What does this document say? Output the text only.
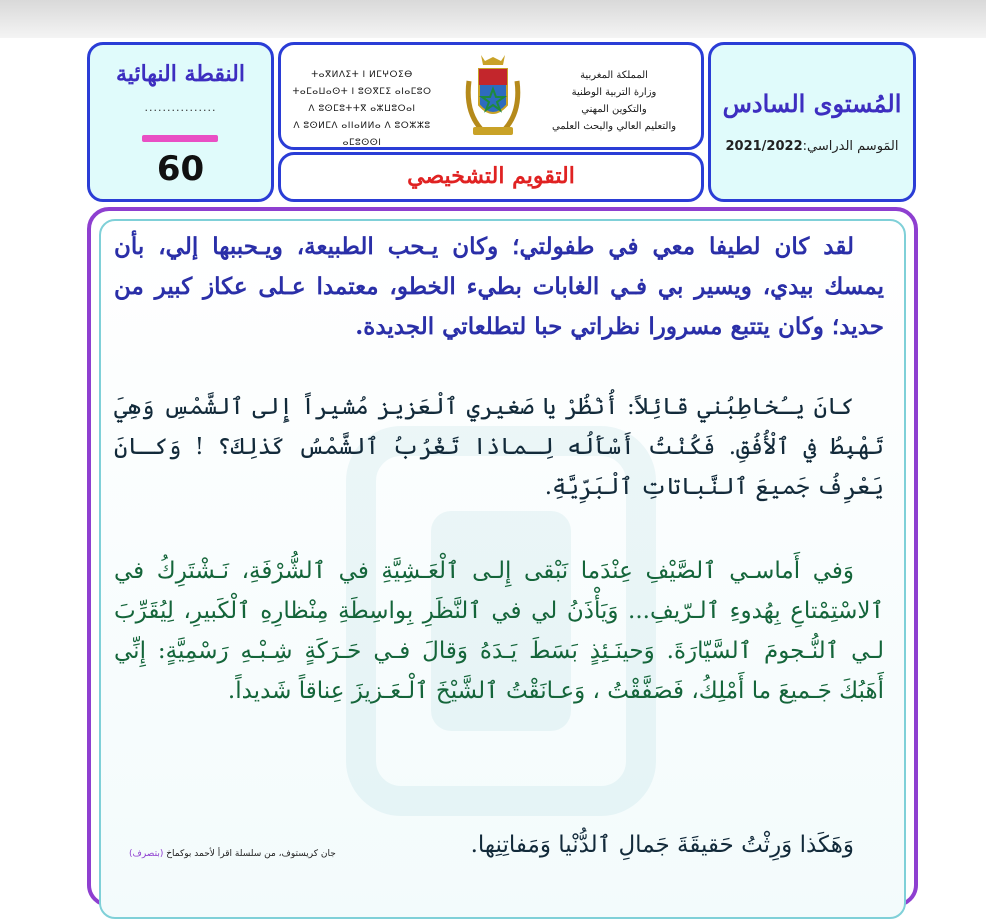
النقطة النهائية
................
60
ⵜⴰⴳⵍⴷⵉⵜ ⵏ ⵍⵎⵖⵔⵉⴱ
ⵜⴰⵎⴰⵡⴰⵙⵜ ⵏ ⵓⵙⴳⵎⵉ ⴰⵏⴰⵎⵓⵔ
ⴷ ⵓⵙⵎⵓⵜⵜⴳ ⴰⵣⵡⵓⵔⴰⵏ
ⴷ ⵓⵙⵍⵎⴷ ⴰⵏⵏⴰⵍⵍⴰ ⴷ ⵓⵔⵣⵣⵓ ⴰⵎⵓⵙⵙⵏ
المملكة المغربية
وزارة التربية الوطنية
والتكوين المهني
والتعليم العالي والبحث العلمي
التقويم التشخيصي
المُستوى السادس
المَوسم الدراسي:2021/2022
لقد كان لطيفا معي في طفولتي؛ وكان يـحب الطبيعة، ويـحببها إلي، بأن يمسك بيدي، ويسير بي فـي الغابات بطيء الخطو، معتمدا عـلى عكاز كبير من حديد؛ وكان يتتبع مسرورا نظراتي حبا لتطلعاتي الجديدة.
كانَ يـُخاطِبُني قائِلاً: أُنْظُرْ يا صَغيري ٱلْعَزيز مُشيراً إِلى ٱلشَّمْسِ وَهِيَ تَهْبِطُ في ٱلْأُفُقِ. فَكُنْتُ أَسْأَلُه لِـماذا تَغْرُبُ ٱلشَّمْسُ كَذلِكَ؟ ! وَكـانَ يَعْرِفُ جَميعَ ٱلنَّباتاتِ ٱلْبَرِّيَّةِ.
وَفي أَماسـي ٱلصَّيْفِ عِنْدَما نَبْقى إِلـى ٱلْعَـشِيَّةِ في ٱلشُّرْفَةِ، نَـشْتَرِكُ في ٱلاسْتِمْتاعِ بِهُدوءِ ٱلـرّيفِ... وَيَأْذَنُ لي في ٱلنَّظَرِ بِواسِطَةِ مِنْظارِهِ ٱلْكَبيرِ، لِيُقَرِّبَ لـي ٱلنُّـجومَ ٱلسَّيّارَةَ. وَحينَـئِذٍ بَسَطَ يَـدَهُ وَقالَ فـي حَـرَكَةٍ شِـبْـهِ رَسْمِيَّةٍ: إِنِّي أَهَبُكَ جَـميعَ ما أَمْلِكُ، فَصَفَّقْتُ ، وَعـانَقْتُ ٱلشَّيْخَ ٱلْـعَـزيزَ عِناقاً شَديداً.
وَهَكَذا وَرِثْتُ حَقيقَةَ جَمالِ ٱلدُّنْيا وَمَفاتِنِها.
جان كريستوف، من سلسلة اقرأ لأحمد بوكماخ (بتصرف)
